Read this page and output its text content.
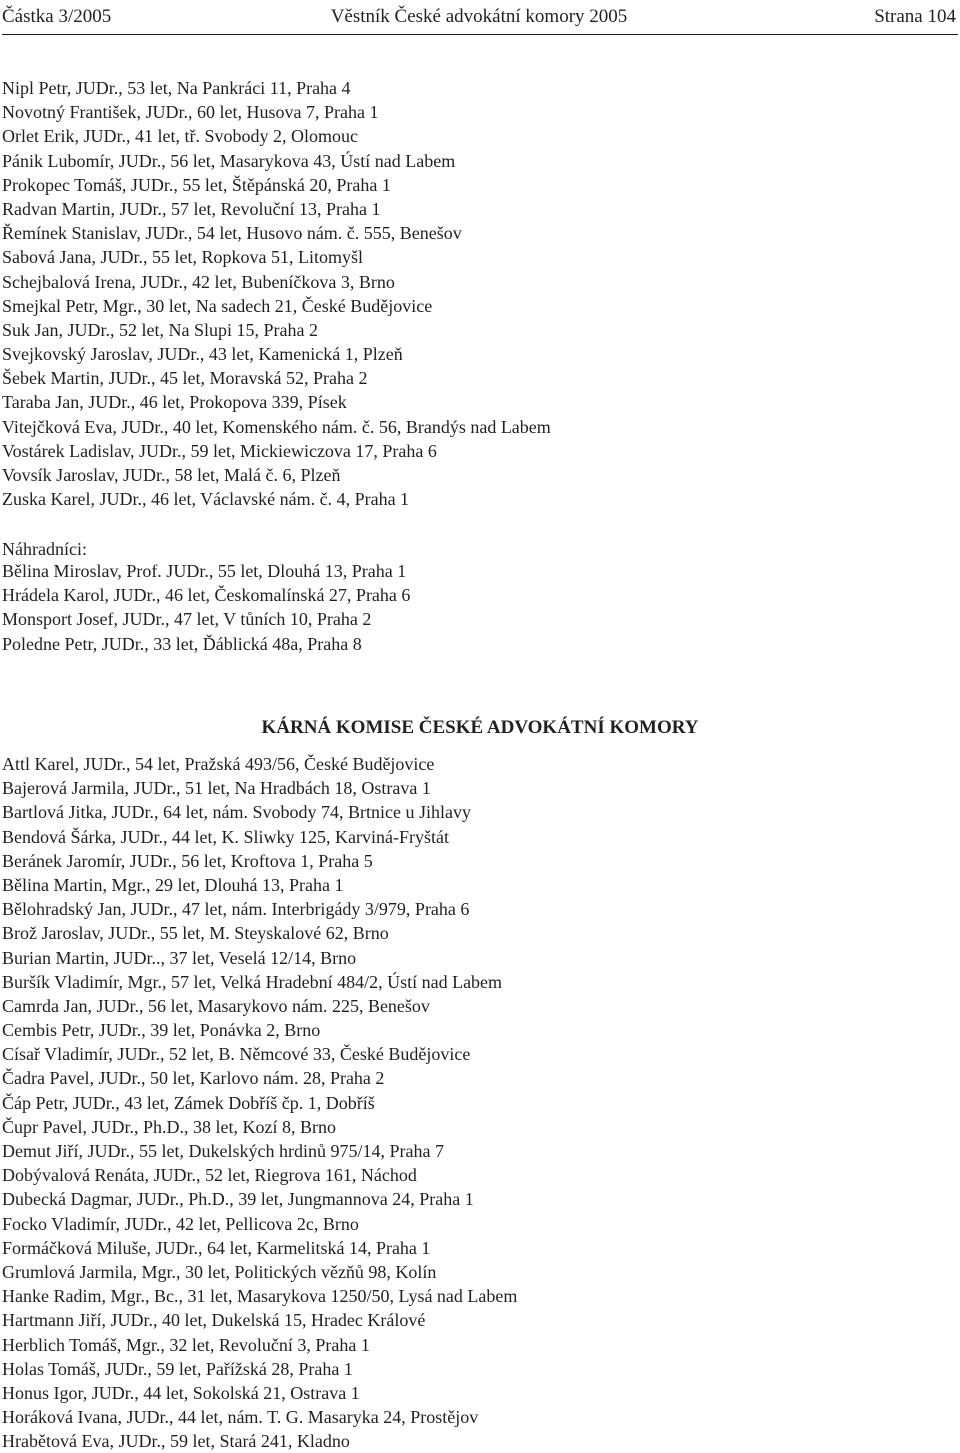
Částka 3/2005	Věstník České advokátní komory 2005	Strana 104
Nipl Petr, JUDr., 53 let, Na Pankráci 11, Praha 4
Novotný František, JUDr., 60 let, Husova 7, Praha 1
Orlet Erik, JUDr., 41 let, tř. Svobody 2, Olomouc
Pánik Lubomír, JUDr., 56 let, Masarykova 43, Ústí nad Labem
Prokopec Tomáš, JUDr., 55 let, Štěpánská 20, Praha 1
Radvan Martin, JUDr., 57 let, Revoluční 13, Praha 1
Řemínek Stanislav, JUDr., 54 let, Husovo nám. č. 555, Benešov
Sabová Jana, JUDr., 55 let, Ropkova 51, Litomyšl
Schejbalová Irena, JUDr., 42 let, Bubeníčkova 3, Brno
Smejkal Petr, Mgr., 30 let, Na sadech 21, České Budějovice
Suk Jan, JUDr., 52 let, Na Slupi 15, Praha 2
Svejkovský Jaroslav, JUDr., 43 let, Kamenická 1, Plzeň
Šebek Martin, JUDr., 45 let, Moravská 52, Praha 2
Taraba Jan, JUDr., 46 let, Prokopova 339, Písek
Vitejčková Eva, JUDr., 40 let, Komenského nám. č. 56, Brandýs nad Labem
Vostárek Ladislav, JUDr., 59 let, Mickiewiczova 17, Praha 6
Vovsík Jaroslav, JUDr., 58 let, Malá č. 6, Plzeň
Zuska Karel, JUDr., 46 let, Václavské nám. č. 4, Praha 1
Náhradníci:
Bělina Miroslav, Prof. JUDr., 55 let, Dlouhá 13, Praha 1
Hrádela Karol, JUDr., 46 let, Českomalínská 27, Praha 6
Monsport Josef, JUDr., 47 let, V tůních 10, Praha 2
Poledne Petr, JUDr., 33 let, Ďáblická 48a, Praha 8
KÁRNÁ KOMISE ČESKÉ ADVOKÁTNÍ KOMORY
Attl Karel, JUDr., 54 let, Pražská 493/56, České Budějovice
Bajerová Jarmila, JUDr., 51 let, Na Hradbách 18, Ostrava 1
Bartlová Jitka, JUDr., 64 let, nám. Svobody 74, Brtnice u Jihlavy
Bendová Šárka, JUDr., 44 let, K. Sliwky 125, Karviná-Fryštát
Beránek Jaromír, JUDr., 56 let, Kroftova 1, Praha 5
Bělina Martin, Mgr., 29 let, Dlouhá 13, Praha 1
Bělohradský Jan, JUDr., 47 let, nám. Interbrigády 3/979, Praha 6
Brož Jaroslav, JUDr., 55 let, M. Steyskalové 62, Brno
Burian Martin, JUDr.., 37 let, Veselá 12/14, Brno
Buršík Vladimír, Mgr., 57 let, Velká Hradební 484/2, Ústí nad Labem
Camrda Jan, JUDr., 56 let, Masarykovo nám. 225, Benešov
Cembis Petr, JUDr., 39 let, Ponávka 2, Brno
Císař Vladimír, JUDr., 52 let, B. Němcové 33, České Budějovice
Čadra Pavel, JUDr., 50 let, Karlovo nám. 28, Praha 2
Čáp Petr, JUDr., 43 let, Zámek Dobříš čp. 1, Dobříš
Čupr Pavel, JUDr., Ph.D., 38 let, Kozí 8, Brno
Demut Jiří, JUDr., 55 let, Dukelských hrdinů 975/14, Praha 7
Dobývalová Renáta, JUDr., 52 let, Riegrova 161, Náchod
Dubecká Dagmar, JUDr., Ph.D., 39 let, Jungmannova 24, Praha 1
Focko Vladimír, JUDr., 42 let, Pellicova 2c, Brno
Formáčková Miluše, JUDr., 64 let, Karmelitská 14, Praha 1
Grumlová Jarmila, Mgr., 30 let, Politických vězňů 98, Kolín
Hanke Radim, Mgr., Bc., 31 let, Masarykova 1250/50, Lysá nad Labem
Hartmann Jiří, JUDr., 40 let, Dukelská 15, Hradec Králové
Herblich Tomáš, Mgr., 32 let, Revoluční 3, Praha 1
Holas Tomáš, JUDr., 59 let, Pařížská 28, Praha 1
Honus Igor, JUDr., 44 let, Sokolská 21, Ostrava 1
Horáková Ivana, JUDr., 44 let, nám. T. G. Masaryka 24, Prostějov
Hrabětová Eva, JUDr., 59 let, Stará 241, Kladno
